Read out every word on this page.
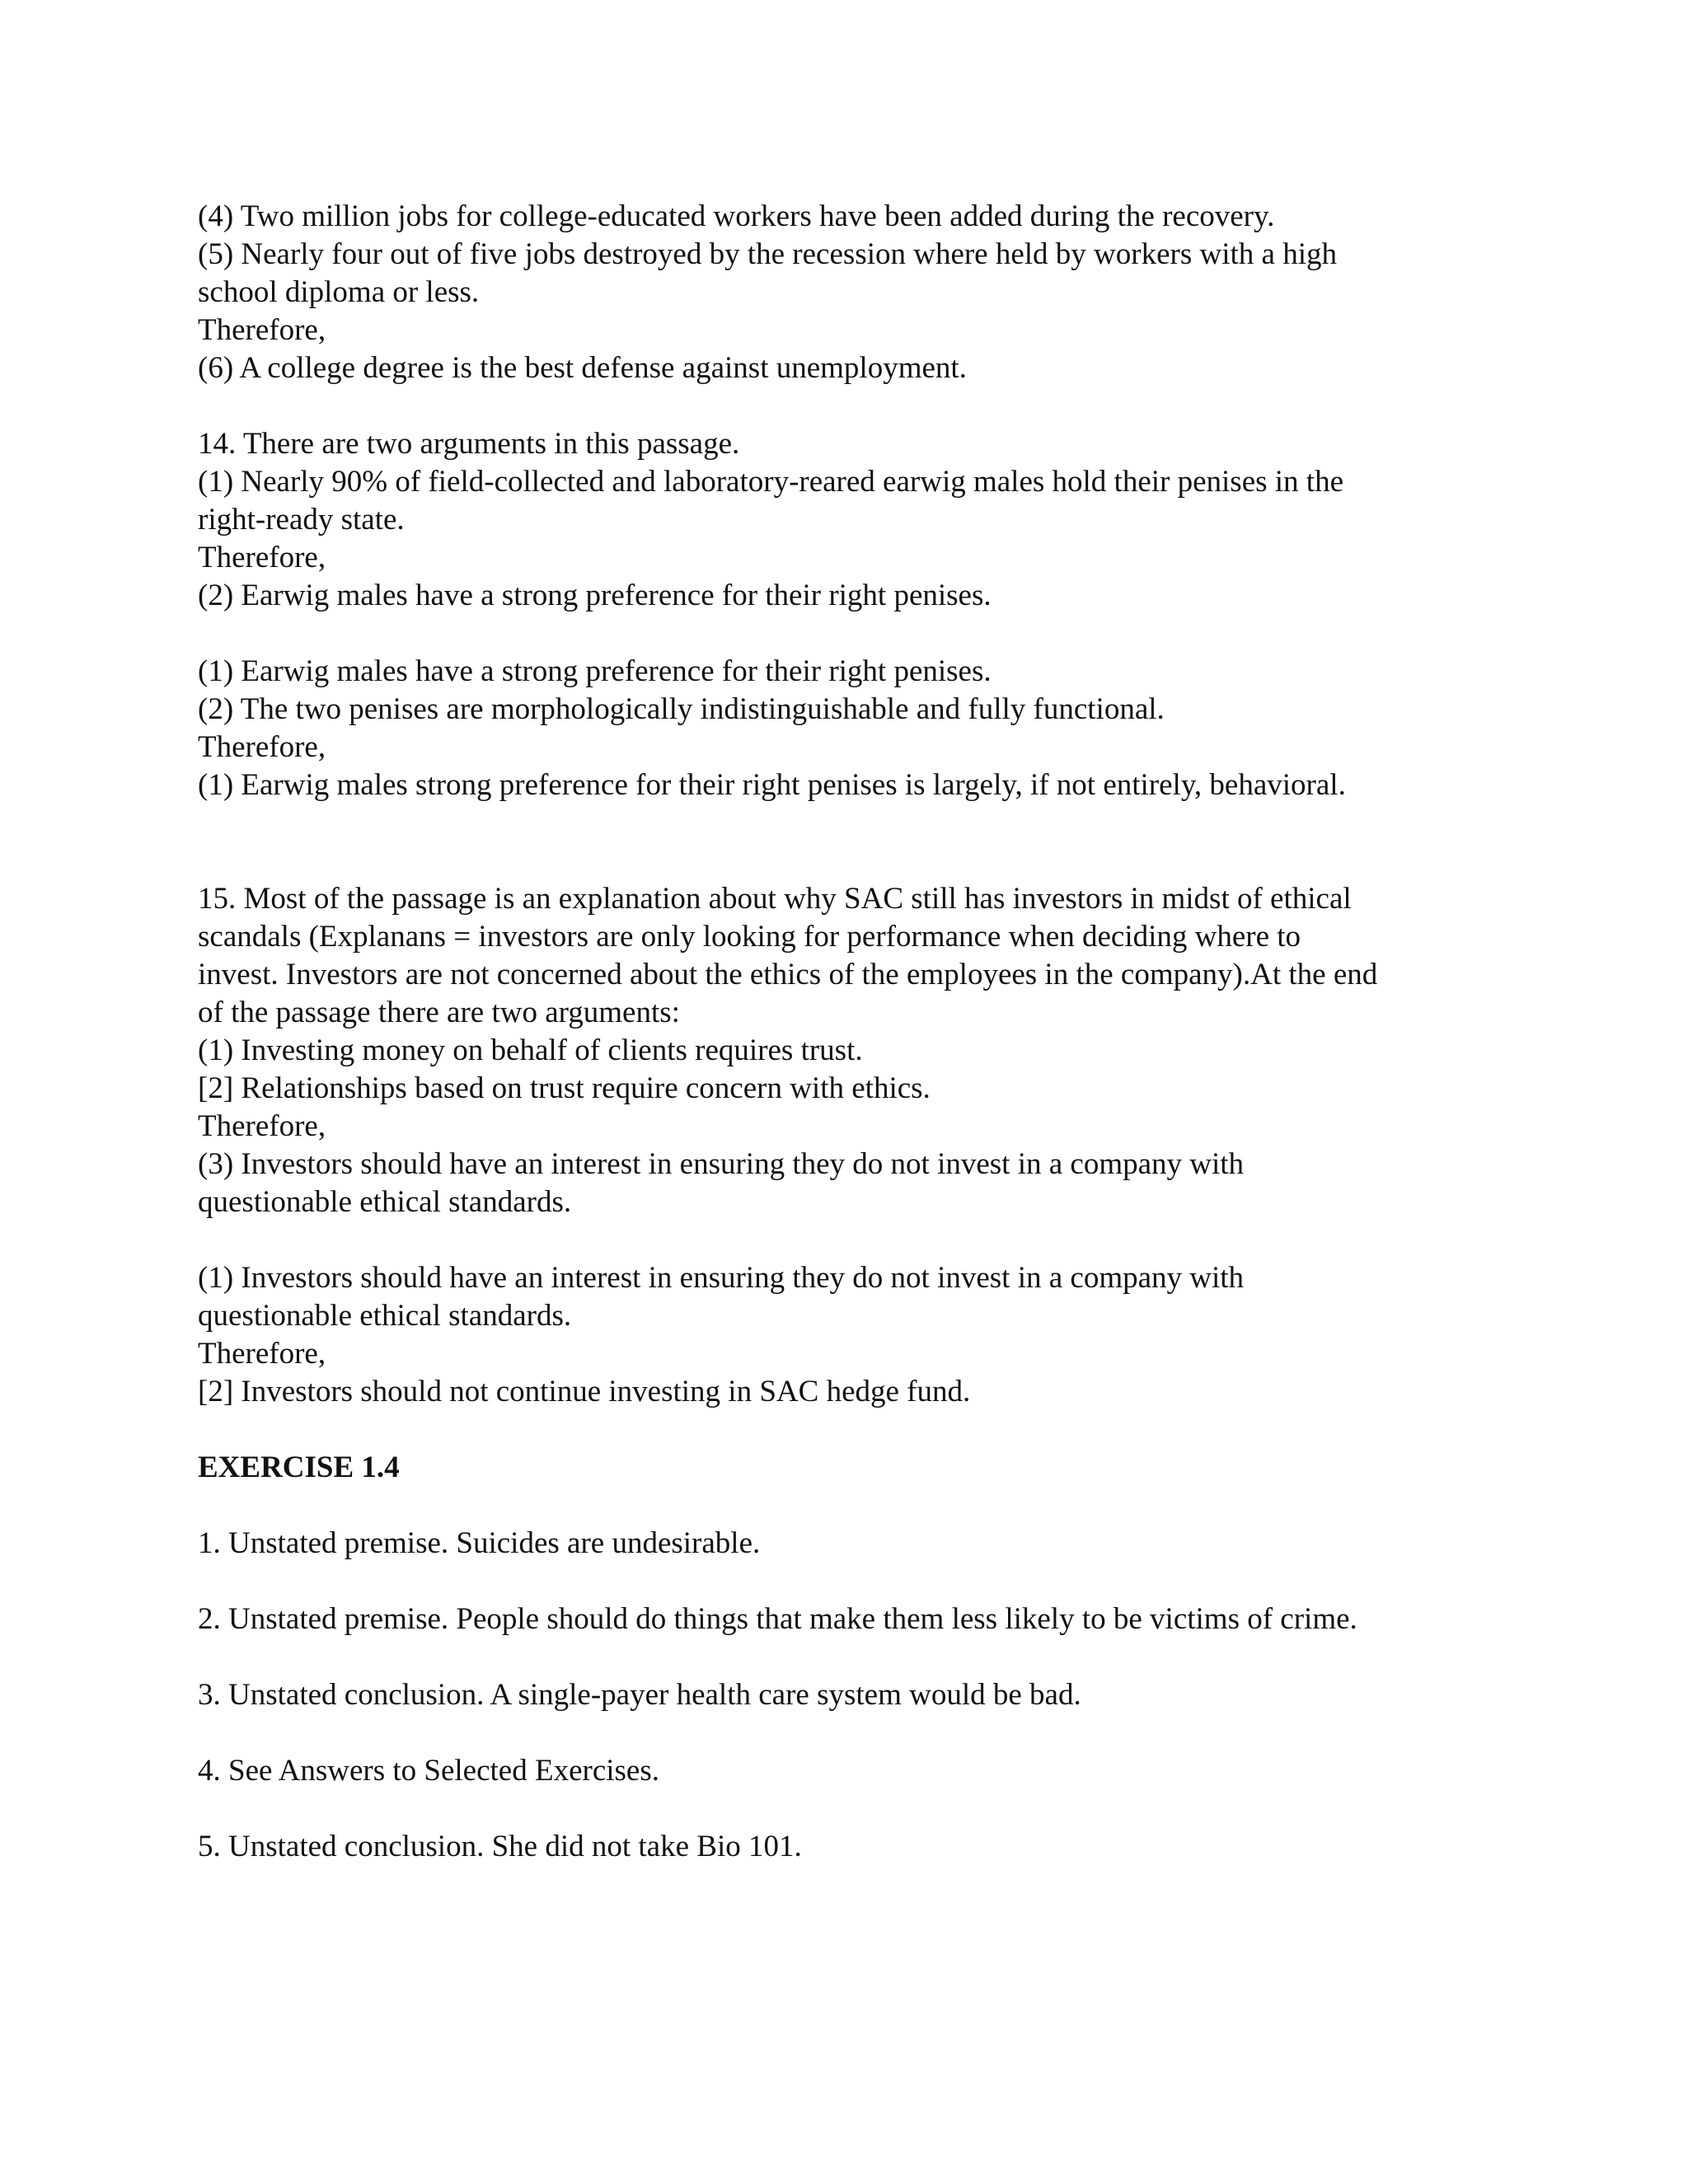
(4) Two million jobs for college-educated workers have been added during the recovery.
(5) Nearly four out of five jobs destroyed by the recession where held by workers with a high
school diploma or less.
Therefore,
(6) A college degree is the best defense against unemployment.
14. There are two arguments in this passage.
(1) Nearly 90% of field-collected and laboratory-reared earwig males hold their penises in the
right-ready state.
Therefore,
(2) Earwig males have a strong preference for their right penises.
(1) Earwig males have a strong preference for their right penises.
(2) The two penises are morphologically indistinguishable and fully functional.
Therefore,
(1) Earwig males strong preference for their right penises is largely, if not entirely, behavioral.
15. Most of the passage is an explanation about why SAC still has investors in midst of ethical
scandals (Explanans = investors are only looking for performance when deciding where to
invest. Investors are not concerned about the ethics of the employees in the company).At the end
of the passage there are two arguments:
(1) Investing money on behalf of clients requires trust.
[2] Relationships based on trust require concern with ethics.
Therefore,
(3) Investors should have an interest in ensuring they do not invest in a company with
questionable ethical standards.
(1) Investors should have an interest in ensuring they do not invest in a company with
questionable ethical standards.
Therefore,
[2] Investors should not continue investing in SAC hedge fund.
EXERCISE 1.4
1. Unstated premise. Suicides are undesirable.
2. Unstated premise. People should do things that make them less likely to be victims of crime.
3. Unstated conclusion. A single-payer health care system would be bad.
4. See Answers to Selected Exercises.
5. Unstated conclusion. She did not take Bio 101.
